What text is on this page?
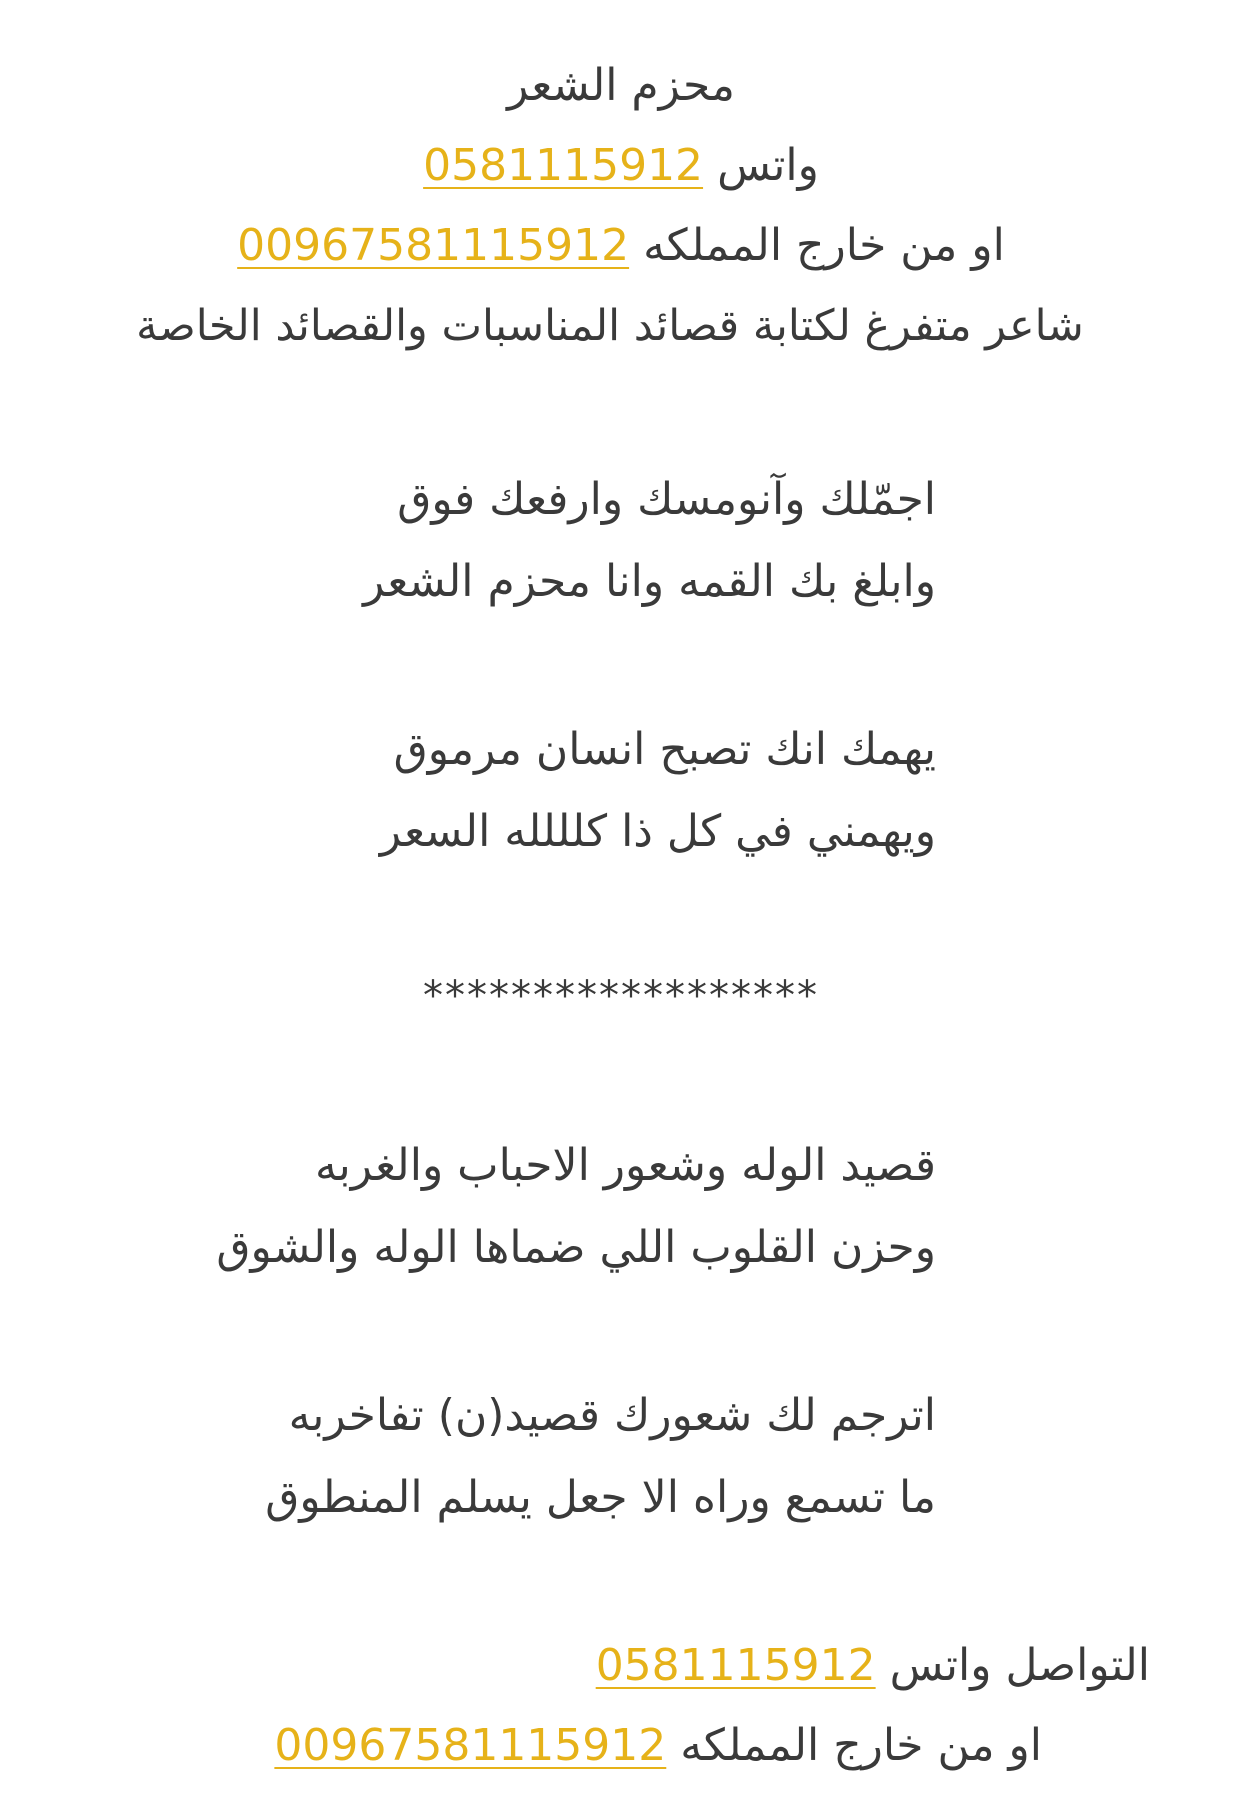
محزم الشعر
واتس 0581115912
او من خارج المملكه 00967581115912
شاعر متفرغ لكتابة قصائد المناسبات والقصائد الخاصة
اجمّلك وآنومسك وارفعك فوق
وابلغ بك القمه وانا محزم الشعر
يهمك انك تصبح انسان مرموق
ويهمني في كل ذا كلللله السعر
******************
قصيد الوله وشعور الاحباب والغربه
وحزن القلوب اللي ضماها الوله والشوق
اترجم لك شعورك قصيد(ن) تفاخربه
ما تسمع وراه الا جعل يسلم المنطوق
التواصل واتس 0581115912
او من خارج المملكه 00967581115912
